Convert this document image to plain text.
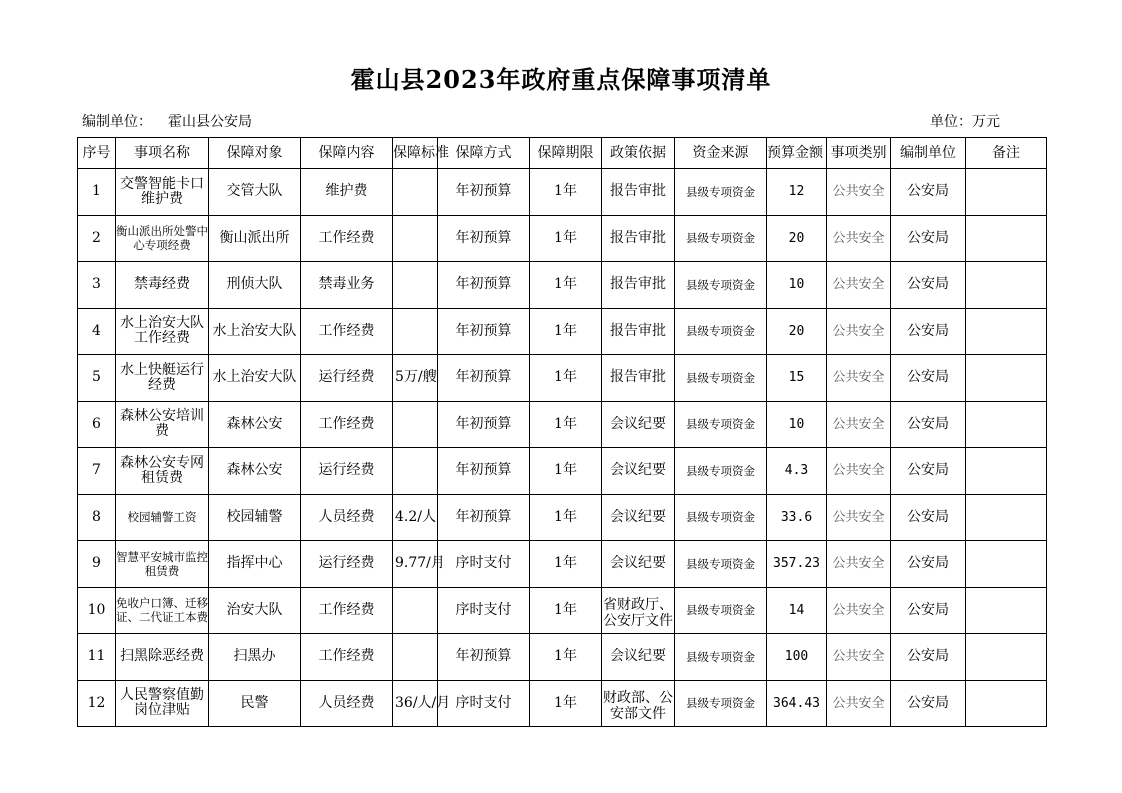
霍山县2023年政府重点保障事项清单
编制单位： 霍山县公安局	单位：万元
序号	事项名称	保障对象	保障内容	保障标准	保障方式	保障期限	政策依据	资金来源	预算金额	事项类别	编制单位	备注
1	交警智能卡口维护费	交管大队	维护费		年初预算	1年	报告审批	县级专项资金	12	公共安全	公安局	
2	衡山派出所处警中心专项经费	衡山派出所	工作经费		年初预算	1年	报告审批	县级专项资金	20	公共安全	公安局	
3	禁毒经费	刑侦大队	禁毒业务		年初预算	1年	报告审批	县级专项资金	10	公共安全	公安局	
4	水上治安大队工作经费	水上治安大队	工作经费		年初预算	1年	报告审批	县级专项资金	20	公共安全	公安局	
5	水上快艇运行经费	水上治安大队	运行经费	5万/艘	年初预算	1年	报告审批	县级专项资金	15	公共安全	公安局	
6	森林公安培训费	森林公安	工作经费		年初预算	1年	会议纪要	县级专项资金	10	公共安全	公安局	
7	森林公安专网租赁费	森林公安	运行经费		年初预算	1年	会议纪要	县级专项资金	4.3	公共安全	公安局	
8	校园辅警工资	校园辅警	人员经费	4.2/人	年初预算	1年	会议纪要	县级专项资金	33.6	公共安全	公安局	
9	智慧平安城市监控租赁费	指挥中心	运行经费	9.77/月	序时支付	1年	会议纪要	县级专项资金	357.23	公共安全	公安局	
10	免收户口簿、迁移证、二代证工本费	治安大队	工作经费		序时支付	1年	省财政厅、公安厅文件	县级专项资金	14	公共安全	公安局	
11	扫黑除恶经费	扫黑办	工作经费		年初预算	1年	会议纪要	县级专项资金	100	公共安全	公安局	
12	人民警察值勤岗位津贴	民警	人员经费	36/人/月	序时支付	1年	财政部、公安部文件	县级专项资金	364.43	公共安全	公安局	
